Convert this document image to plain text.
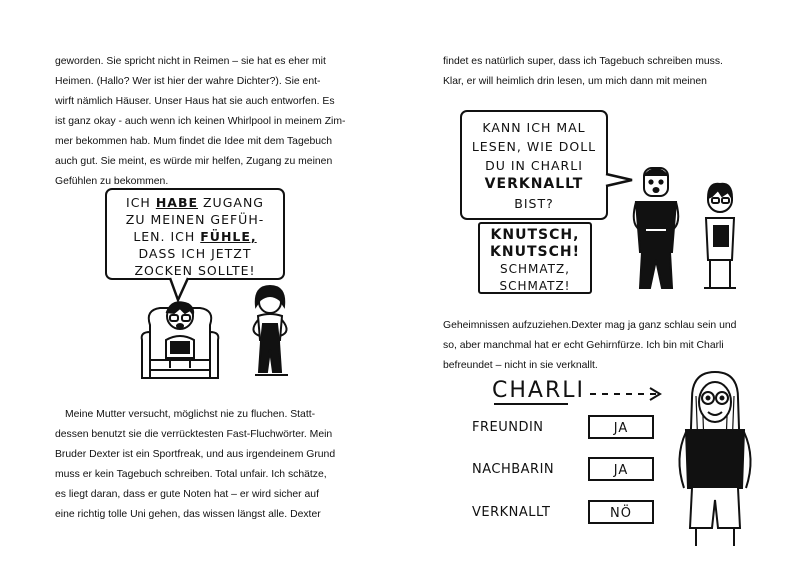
geworden. Sie spricht nicht in Reimen – sie hat es eher mit
Heimen. (Hallo? Wer ist hier der wahre Dichter?). Sie ent-
wirft nämlich Häuser. Unser Haus hat sie auch entworfen. Es
ist ganz okay - auch wenn ich keinen Whirlpool in meinem Zim-
mer bekommen hab. Mum findet die Idee mit dem Tagebuch
auch gut. Sie meint, es würde mir helfen, Zugang zu meinen
Gefühlen zu bekommen.

ICH HABE ZUGANG
ZU MEINEN GEFÜH-
LEN. ICH FÜHLE,
DASS ICH JETZT
ZOCKEN SOLLTE!

Meine Mutter versucht, möglichst nie zu fluchen. Statt-
dessen benutzt sie die verrücktesten Fast-Fluchwörter. Mein
Bruder Dexter ist ein Sportfreak, und aus irgendeinem Grund
muss er kein Tagebuch schreiben. Total unfair. Ich schätze,
es liegt daran, dass er gute Noten hat – er wird sicher auf
eine richtig tolle Uni gehen, das wissen längst alle. Dexter

findet es natürlich super, dass ich Tagebuch schreiben muss.
Klar, er will heimlich drin lesen, um mich dann mit meinen

KANN ICH MAL
LESEN, WIE DOLL
DU IN CHARLI
VERKNALLT
BIST?
KNUTSCH,
KNUTSCH!
SCHMATZ,
SCHMATZ!

Geheimnissen aufzuziehen.Dexter mag ja ganz schlau sein und
so, aber manchmal hat er echt Gehirnfürze. Ich bin mit Charli
befreundet – nicht in sie verknallt.

CHARLI
FREUNDIN	JA
NACHBARIN	JA
VERKNALLT	NÖ
